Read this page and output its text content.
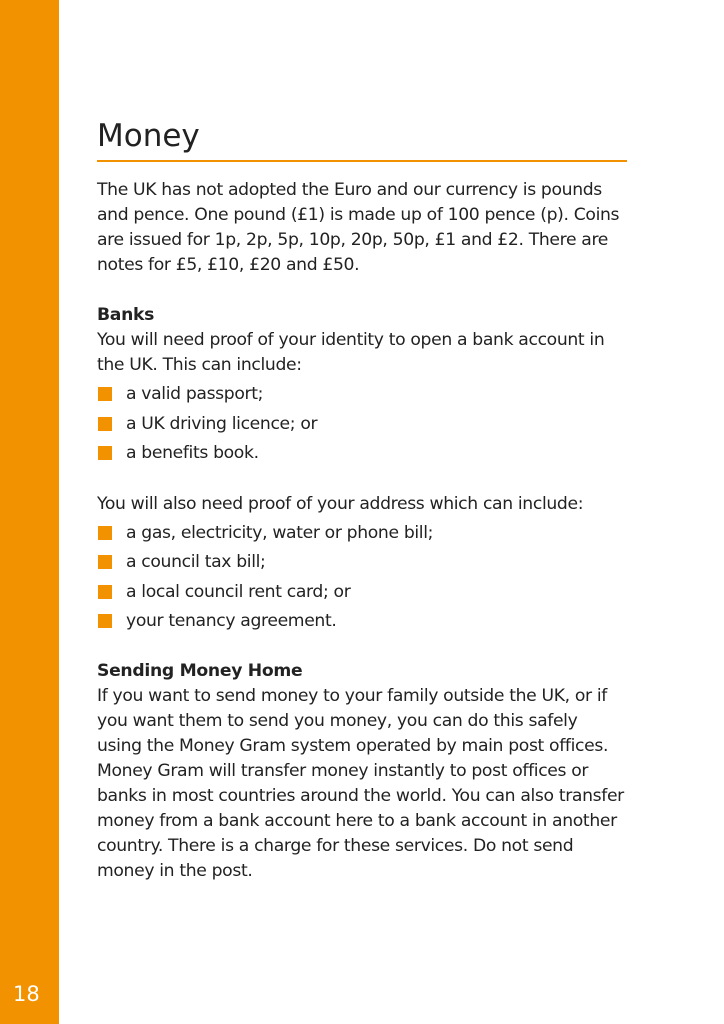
18
Money

The UK has not adopted the Euro and our currency is pounds and pence. One pound (£1) is made up of 100 pence (p). Coins are issued for 1p, 2p, 5p, 10p, 20p, 50p, £1 and £2. There are notes for £5, £10, £20 and £50.

Banks

You will need proof of your identity to open a bank account in the UK. This can include:

a valid passport;
a UK driving licence; or
a benefits book.

You will also need proof of your address which can include:

a gas, electricity, water or phone bill;
a council tax bill;
a local council rent card; or
your tenancy agreement.
Sending Money Home

If you want to send money to your family outside the UK, or if you want them to send you money, you can do this safely using the Money Gram system operated by main post offices. Money Gram will transfer money instantly to post offices or banks in most countries around the world. You can also transfer money from a bank account here to a bank account in another country. There is a charge for these services. Do not send money in the post.
